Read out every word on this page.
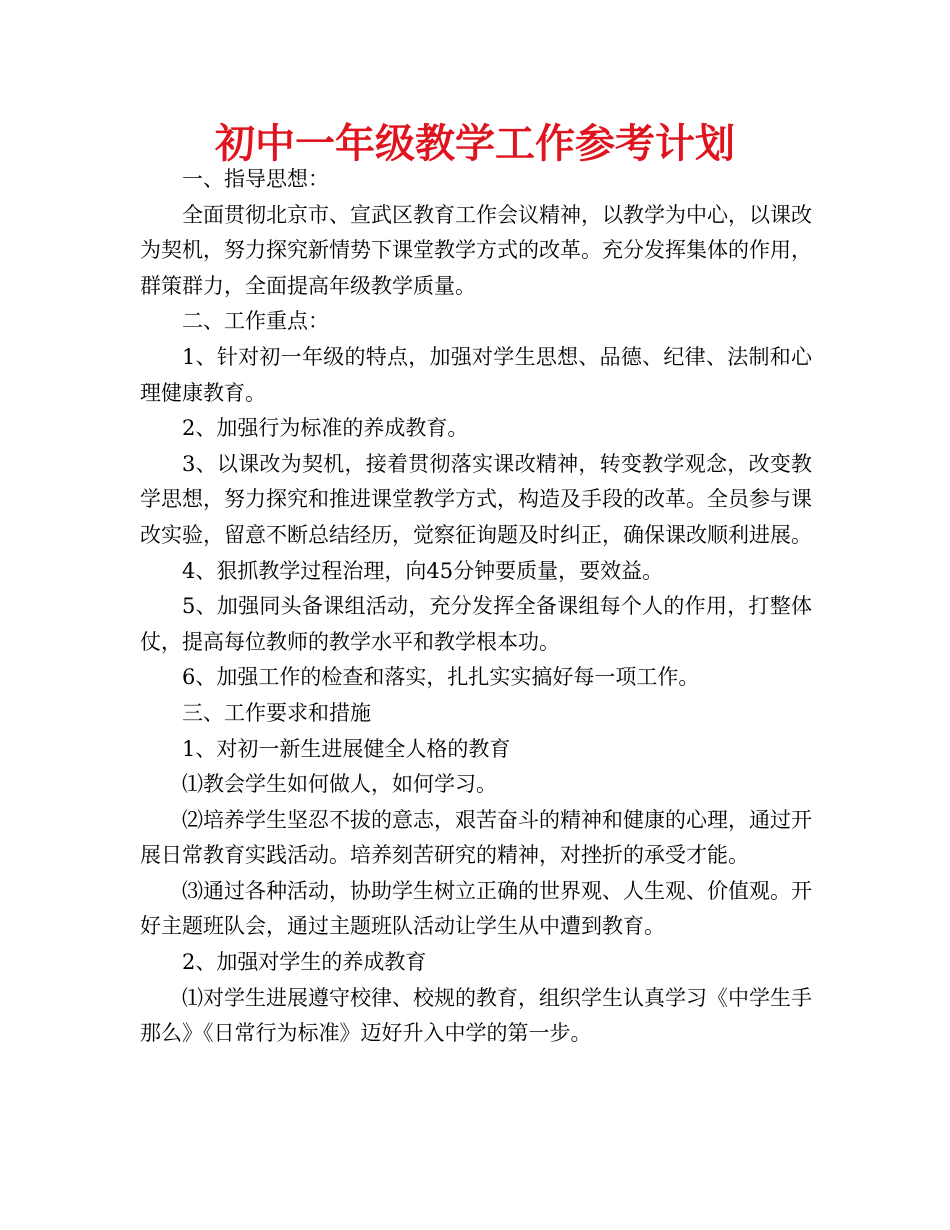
初中一年级教学工作参考计划

一、指导思想：

全面贯彻北京市、宣武区教育工作会议精神，以教学为中心，以课改为契机，努力探究新情势下课堂教学方式的改革。充分发挥集体的作用，群策群力，全面提高年级教学质量。

二、工作重点：

1、针对初一年级的特点，加强对学生思想、品德、纪律、法制和心理健康教育。

2、加强行为标准的养成教育。

3、以课改为契机，接着贯彻落实课改精神，转变教学观念，改变教学思想，努力探究和推进课堂教学方式，构造及手段的改革。全员参与课改实验，留意不断总结经历，觉察征询题及时纠正，确保课改顺利进展。

4、狠抓教学过程治理，向45分钟要质量，要效益。

5、加强同头备课组活动，充分发挥全备课组每个人的作用，打整体仗，提高每位教师的教学水平和教学根本功。

6、加强工作的检查和落实，扎扎实实搞好每一项工作。

三、工作要求和措施

1、对初一新生进展健全人格的教育

⑴教会学生如何做人，如何学习。

⑵培养学生坚忍不拔的意志，艰苦奋斗的精神和健康的心理，通过开展日常教育实践活动。培养刻苦研究的精神，对挫折的承受才能。

⑶通过各种活动，协助学生树立正确的世界观、人生观、价值观。开好主题班队会，通过主题班队活动让学生从中遭到教育。

2、加强对学生的养成教育

⑴对学生进展遵守校律、校规的教育，组织学生认真学习《中学生手那么》《日常行为标准》迈好升入中学的第一步。
